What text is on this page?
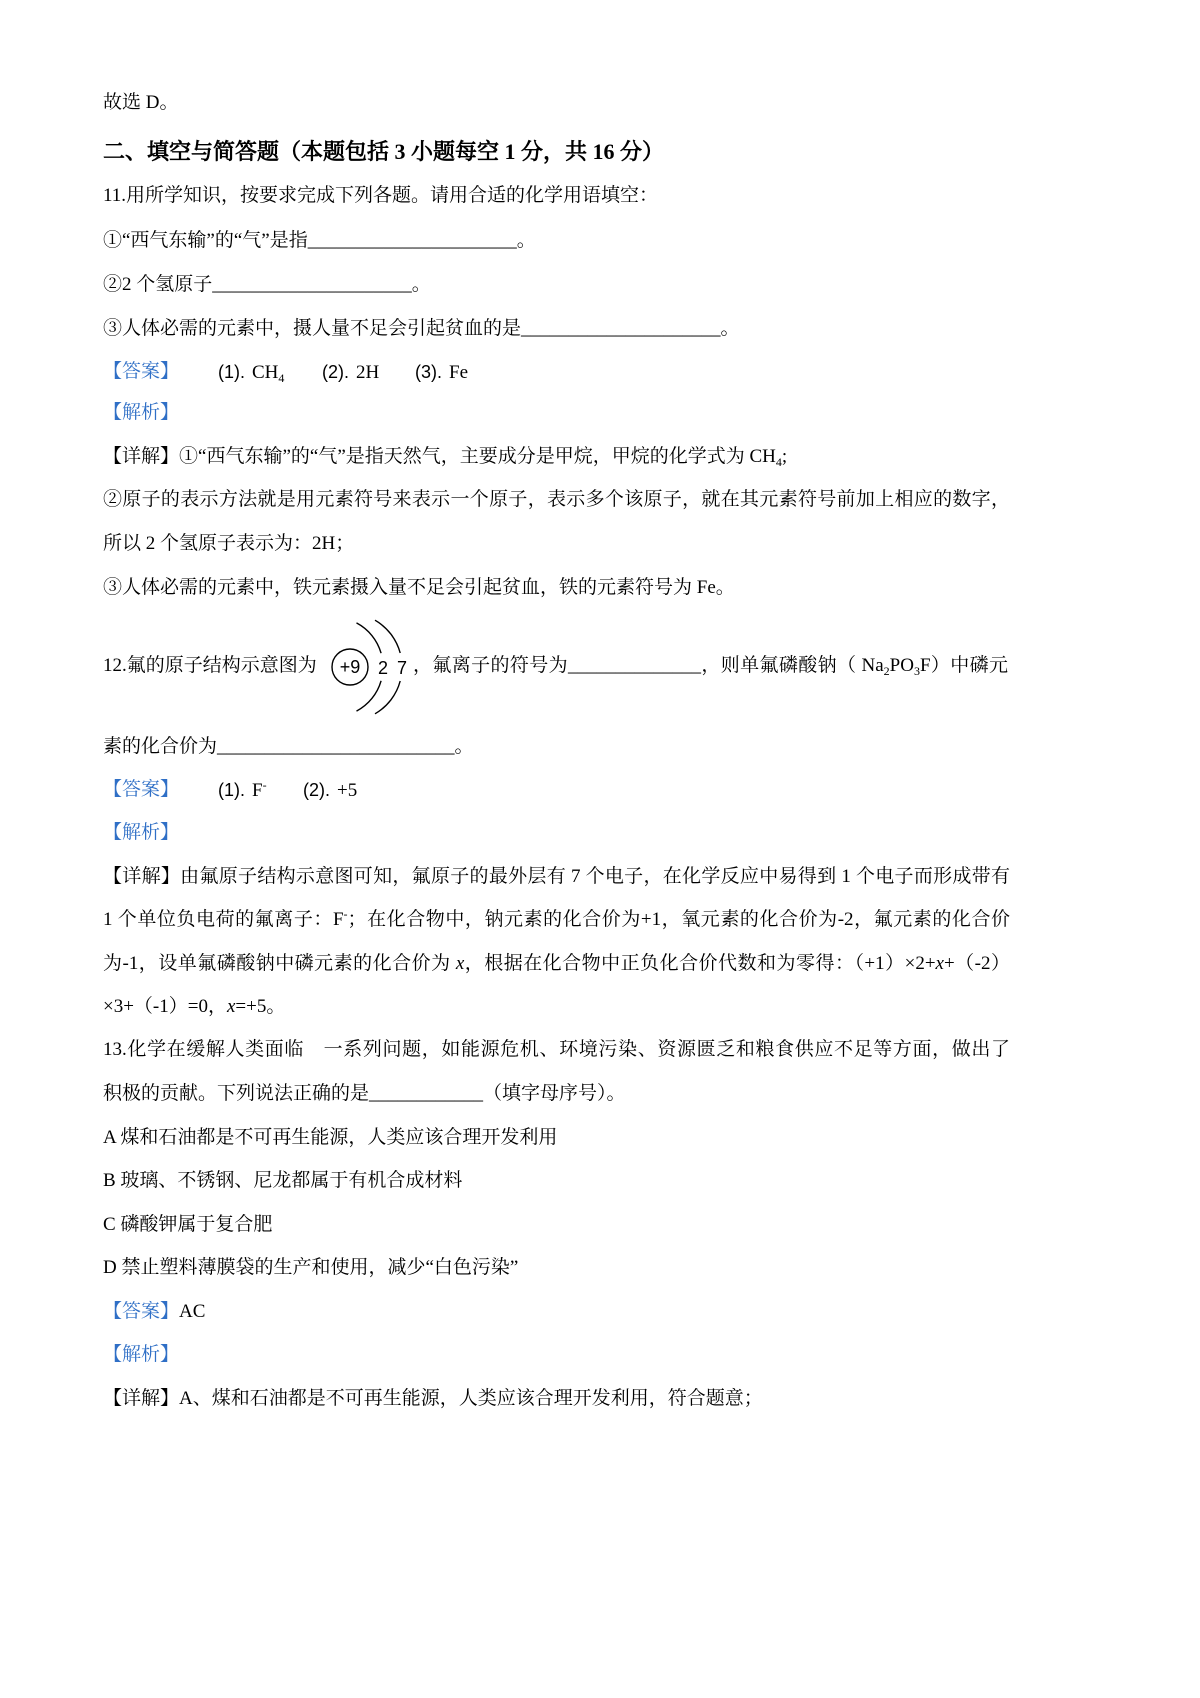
故选 D。
二、填空与简答题（本题包括 3 小题每空 1 分，共 16 分）
11.用所学知识，按要求完成下列各题。请用合适的化学用语填空：
①“西气东输”的“气”是指______________________。
②2 个氢原子_____________________。
③人体必需的元素中，摄人量不足会引起贫血的是_____________________。
【答案】 (1). $CH_4$ (2). 2H (3). Fe
【解析】
【详解】①“西气东输”的“气”是指天然气，主要成分是甲烷，甲烷的化学式为 $CH_4$;
②原子的表示方法就是用元素符号来表示一个原子，表示多个该原子，就在其元素符号前加上相应的数字，
所以 2 个氢原子表示为：2H；
③人体必需的元素中，铁元素摄入量不足会引起贫血，铁的元素符号为 Fe。
12.氟的原子结构示意图为 +9 2 7 ，氟离子的符号为______________，则单氟磷酸钠（ $Na_2PO_3F$）中磷元
素的化合价为_________________________。
【答案】 (1). F- (2). +5
【解析】
【详解】由氟原子结构示意图可知，氟原子的最外层有 7 个电子，在化学反应中易得到 1 个电子而形成带有
1 个单位负电荷的氟离子：F-；在化合物中，钠元素的化合价为+1，氧元素的化合价为-2，氟元素的化合价
为-1，设单氟磷酸钠中磷元素的化合价为 x，根据在化合物中正负化合价代数和为零得：（+1）×2+x+（-2）
×3+（-1）=0，x=+5。
13.化学在缓解人类面临　一系列问题，如能源危机、环境污染、资源匮乏和粮食供应不足等方面，做出了
积极的贡献。下列说法正确的是____________（填字母序号）。
A 煤和石油都是不可再生能源，人类应该合理开发利用
B 玻璃、不锈钢、尼龙都属于有机合成材料
C 磷酸钾属于复合肥
D 禁止塑料薄膜袋的生产和使用，减少“白色污染”
【答案】AC
【解析】
【详解】A、煤和石油都是不可再生能源，人类应该合理开发利用，符合题意；
